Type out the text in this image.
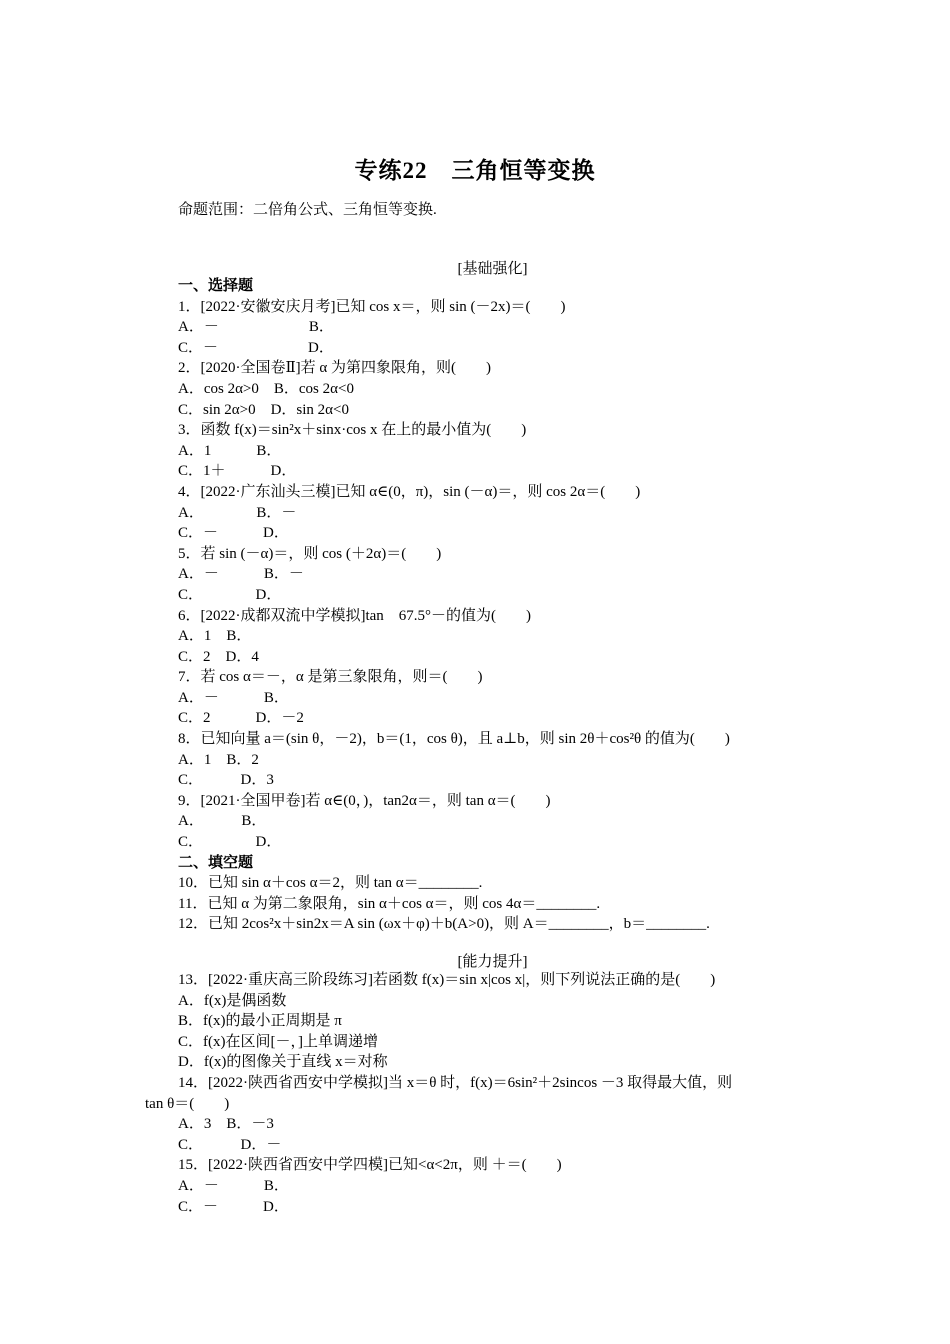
专练22　三角恒等变换
命题范围：二倍角公式、三角恒等变换.
[基础强化]
一、选择题
1．[2022·安徽安庆月考]已知 cos x＝，则 sin (－2x)＝(　　)
A．－　　　　　　B．
C．－　　　　　　D．
2．[2020·全国卷Ⅱ]若 α 为第四象限角，则(　　)
A．cos 2α>0　B．cos 2α<0
C．sin 2α>0　D．sin 2α<0
3．函数 f(x)＝sin²x＋sinx·cos x 在上的最小值为(　　)
A．1　　　B．
C．1＋　　　D．
4．[2022·广东汕头三模]已知 α∈(0，π)，sin (－α)＝，则 cos 2α＝(　　)
A．　　　　B．－
C．－　　　D．
5．若 sin (－α)＝，则 cos (＋2α)＝(　　)
A．－　　　B．－
C．　　　　D．
6．[2022·成都双流中学模拟]tan　67.5°－的值为(　　)
A．1　B．
C．2　D．4
7．若 cos α＝－，α 是第三象限角，则＝(　　)
A．－　　　B．
C．2　　　D．－2
8．已知向量 a＝(sin θ，－2)，b＝(1，cos θ)，且 a⊥b，则 sin 2θ＋cos²θ 的值为(　　)
A．1　B．2
C．　　　D．3
9．[2021·全国甲卷]若 α∈(0，)，tan2α＝，则 tan α＝(　　)
A．　　　B．
C．　　　　D．
二、填空题
10．已知 sin α＋cos α＝2，则 tan α＝________.
11．已知 α 为第二象限角，sin α＋cos α＝，则 cos 4α＝________.
12．已知 2cos²x＋sin2x＝A sin (ωx＋φ)＋b(A>0)，则 A＝________，b＝________.
[能力提升]
13．[2022·重庆高三阶段练习]若函数 f(x)＝sin x|cos x|，则下列说法正确的是(　　)
A．f(x)是偶函数
B．f(x)的最小正周期是 π
C．f(x)在区间[－，]上单调递增
D．f(x)的图像关于直线 x＝对称
14．[2022·陕西省西安中学模拟]当 x＝θ 时，f(x)＝6sin²＋2sincos －3 取得最大值，则
tan θ＝(　　)
A．3　B．－3
C．　　　D．－
15．[2022·陕西省西安中学四模]已知<α<2π，则 ＋＝(　　)
A．－　　　B．
C．－　　　D．
